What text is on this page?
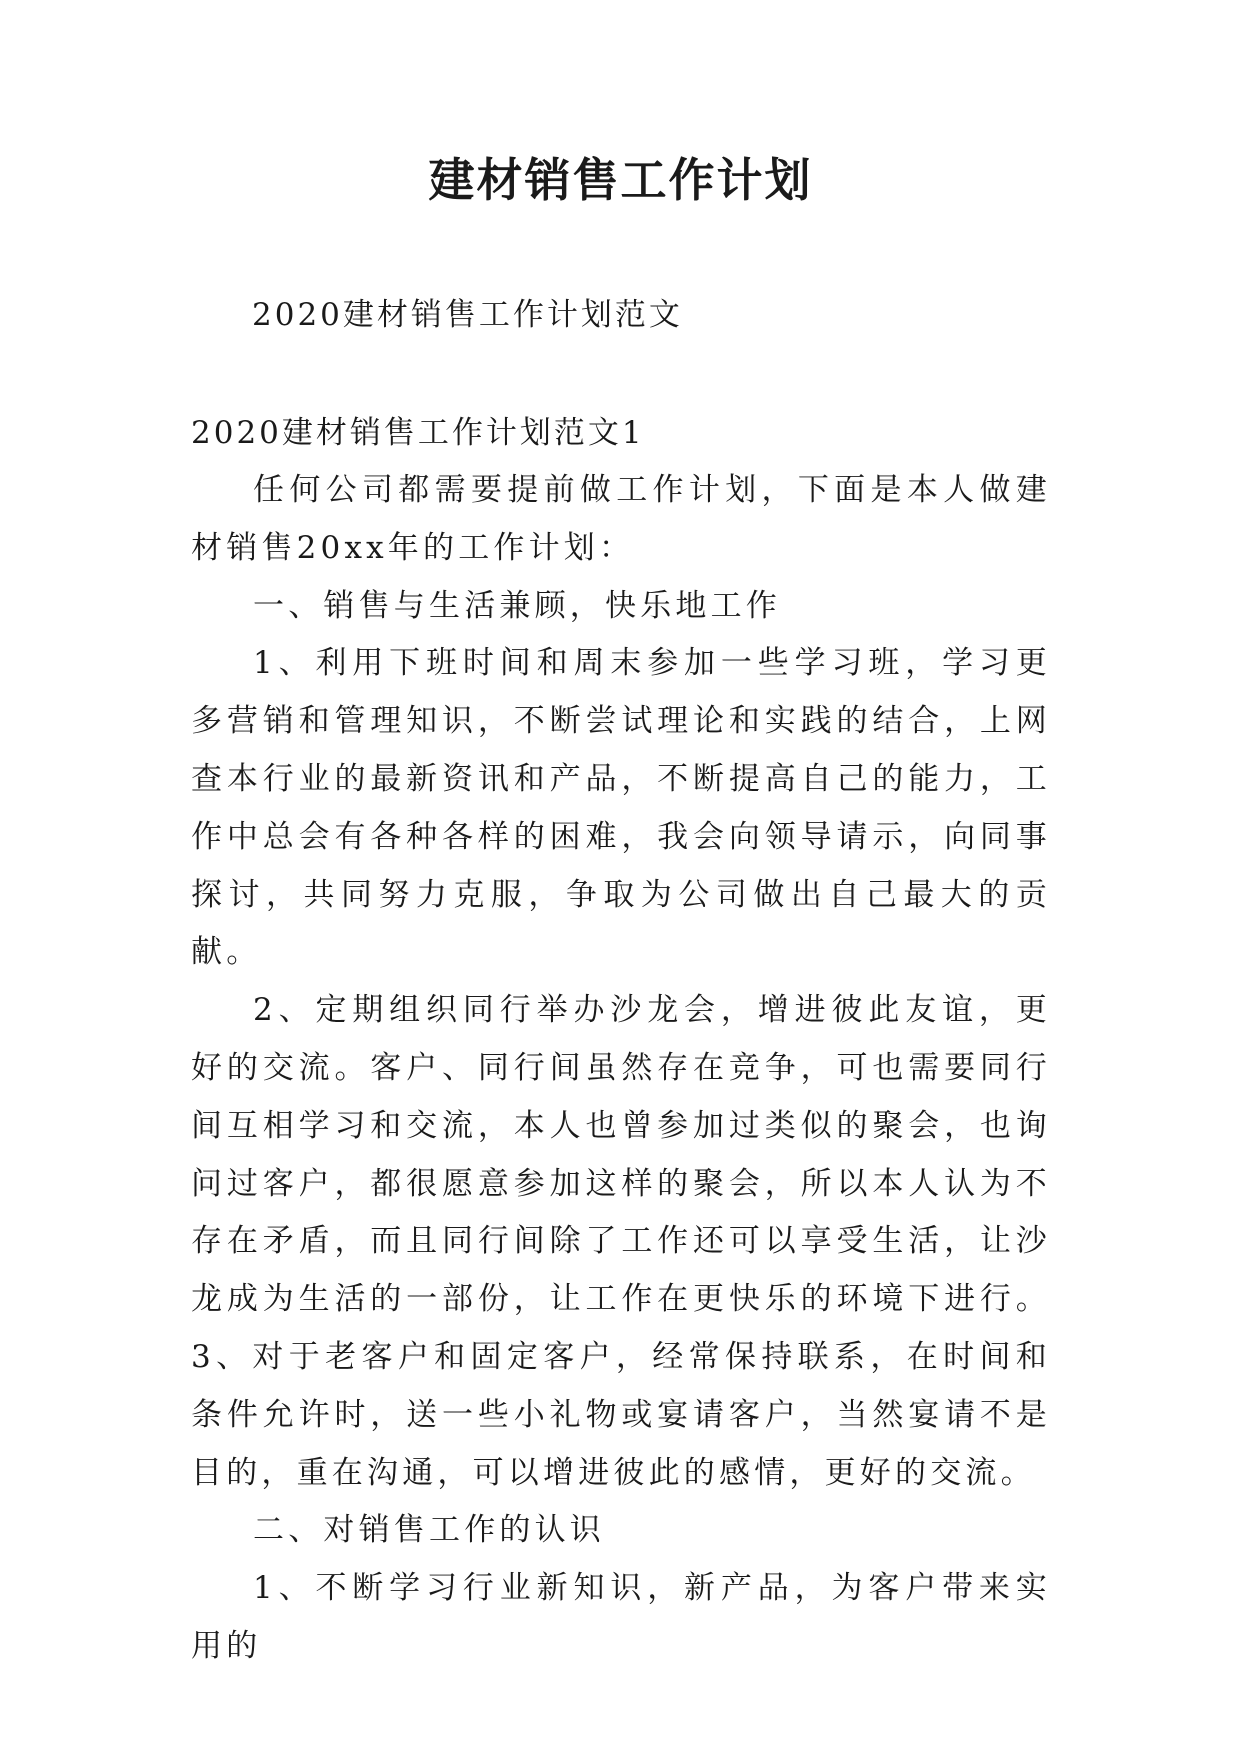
建材销售工作计划
2020建材销售工作计划范文
2020建材销售工作计划范文1

任何公司都需要提前做工作计划，下面是本人做建材销售20xx年的工作计划：

一、销售与生活兼顾，快乐地工作

1、利用下班时间和周末参加一些学习班，学习更多营销和管理知识，不断尝试理论和实践的结合，上网查本行业的最新资讯和产品，不断提高自己的能力，工作中总会有各种各样的困难，我会向领导请示，向同事探讨，共同努力克服，争取为公司做出自己最大的贡献。

2、定期组织同行举办沙龙会，增进彼此友谊，更好的交流。客户、同行间虽然存在竞争，可也需要同行间互相学习和交流，本人也曾参加过类似的聚会，也询问过客户，都很愿意参加这样的聚会，所以本人认为不存在矛盾，而且同行间除了工作还可以享受生活，让沙龙成为生活的一部份，让工作在更快乐的环境下进行。3、对于老客户和固定客户，经常保持联系，在时间和条件允许时，送一些小礼物或宴请客户，当然宴请不是目的，重在沟通，可以增进彼此的感情，更好的交流。

二、对销售工作的认识

1、不断学习行业新知识，新产品，为客户带来实用的
